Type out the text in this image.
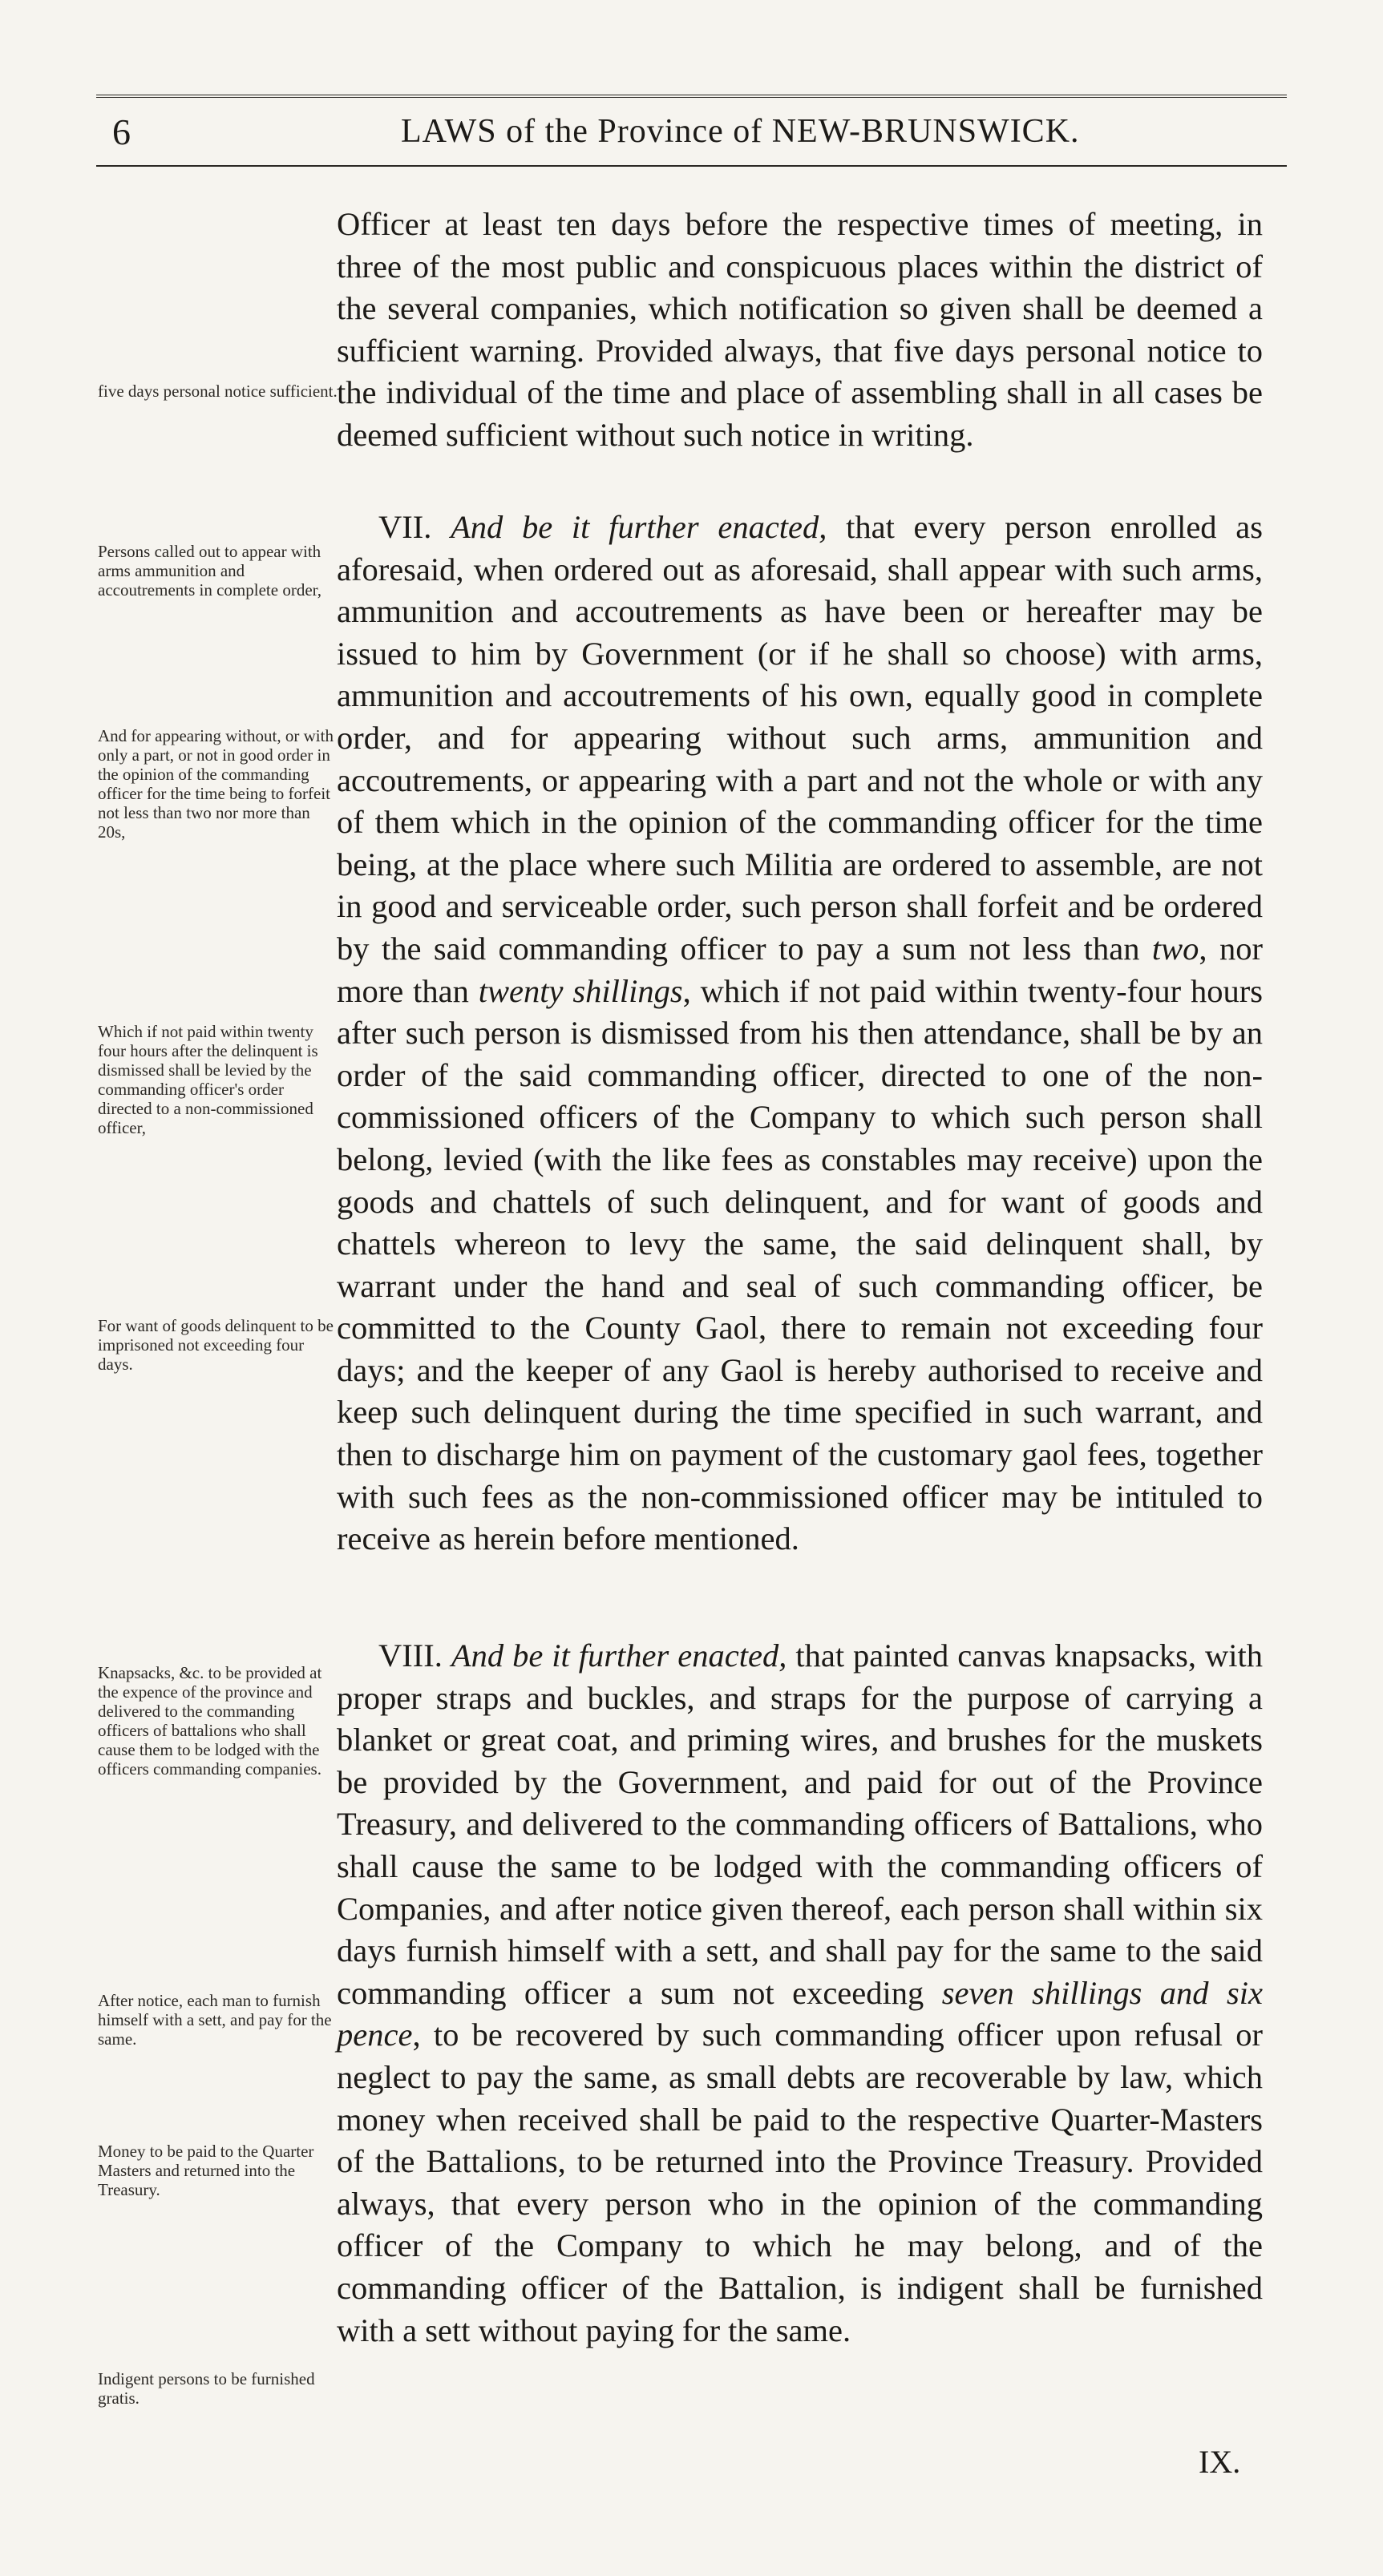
6	LAWS of the Province of NEW-BRUNSWICK.
five days personal notice sufficient.
Persons called out to appear with arms ammunition and accoutrements in complete order,
And for appearing without, or with only a part, or not in good order in the opinion of the commanding officer for the time being to forfeit not less than two nor more than 20s,
Which if not paid within twenty four hours after the delinquent is dismissed shall be levied by the commanding officer's order directed to a non-commissioned officer,
For want of goods delinquent to be imprisoned not exceeding four days.
Knapsacks, &c. to be provided at the expence of the province and delivered to the commanding officers of battalions who shall cause them to be lodged with the officers commanding companies.
After notice, each man to furnish himself with a sett, and pay for the same.
Money to be paid to the Quarter Masters and returned into the Treasury.
Indigent persons to be furnished gratis.

Officer at least ten days before the respective times of meeting, in three of the most public and conspicuous places within the district of the several companies, which notification so given shall be deemed a sufficient warning. Provided always, that five days personal notice to the individual of the time and place of assembling shall in all cases be deemed sufficient without such notice in writing.

VII. And be it further enacted, that every person enrolled as aforesaid, when ordered out as aforesaid, shall appear with such arms, ammunition and accoutrements as have been or hereafter may be issued to him by Government (or if he shall so choose) with arms, ammunition and accoutrements of his own, equally good in complete order, and for appearing without such arms, ammunition and accoutrements, or appearing with a part and not the whole or with any of them which in the opinion of the commanding officer for the time being, at the place where such Militia are ordered to assemble, are not in good and serviceable order, such person shall forfeit and be ordered by the said commanding officer to pay a sum not less than two, nor more than twenty shillings, which if not paid within twenty-four hours after such person is dismissed from his then attendance, shall be by an order of the said commanding officer, directed to one of the non-commissioned officers of the Company to which such person shall belong, levied (with the like fees as constables may receive) upon the goods and chattels of such delinquent, and for want of goods and chattels whereon to levy the same, the said delinquent shall, by warrant under the hand and seal of such commanding officer, be committed to the County Gaol, there to remain not exceeding four days; and the keeper of any Gaol is hereby authorised to receive and keep such delinquent during the time specified in such warrant, and then to discharge him on payment of the customary gaol fees, together with such fees as the non-commissioned officer may be intituled to receive as herein before mentioned.

VIII. And be it further enacted, that painted canvas knapsacks, with proper straps and buckles, and straps for the purpose of carrying a blanket or great coat, and priming wires, and brushes for the muskets be provided by the Government, and paid for out of the Province Treasury, and delivered to the commanding officers of Battalions, who shall cause the same to be lodged with the commanding officers of Companies, and after notice given thereof, each person shall within six days furnish himself with a sett, and shall pay for the same to the said commanding officer a sum not exceeding seven shillings and six pence, to be recovered by such commanding officer upon refusal or neglect to pay the same, as small debts are recoverable by law, which money when received shall be paid to the respective Quarter-Masters of the Battalions, to be returned into the Province Treasury. Provided always, that every person who in the opinion of the commanding officer of the Company to which he may belong, and of the commanding officer of the Battalion, is indigent shall be furnished with a sett without paying for the same.

IX.
